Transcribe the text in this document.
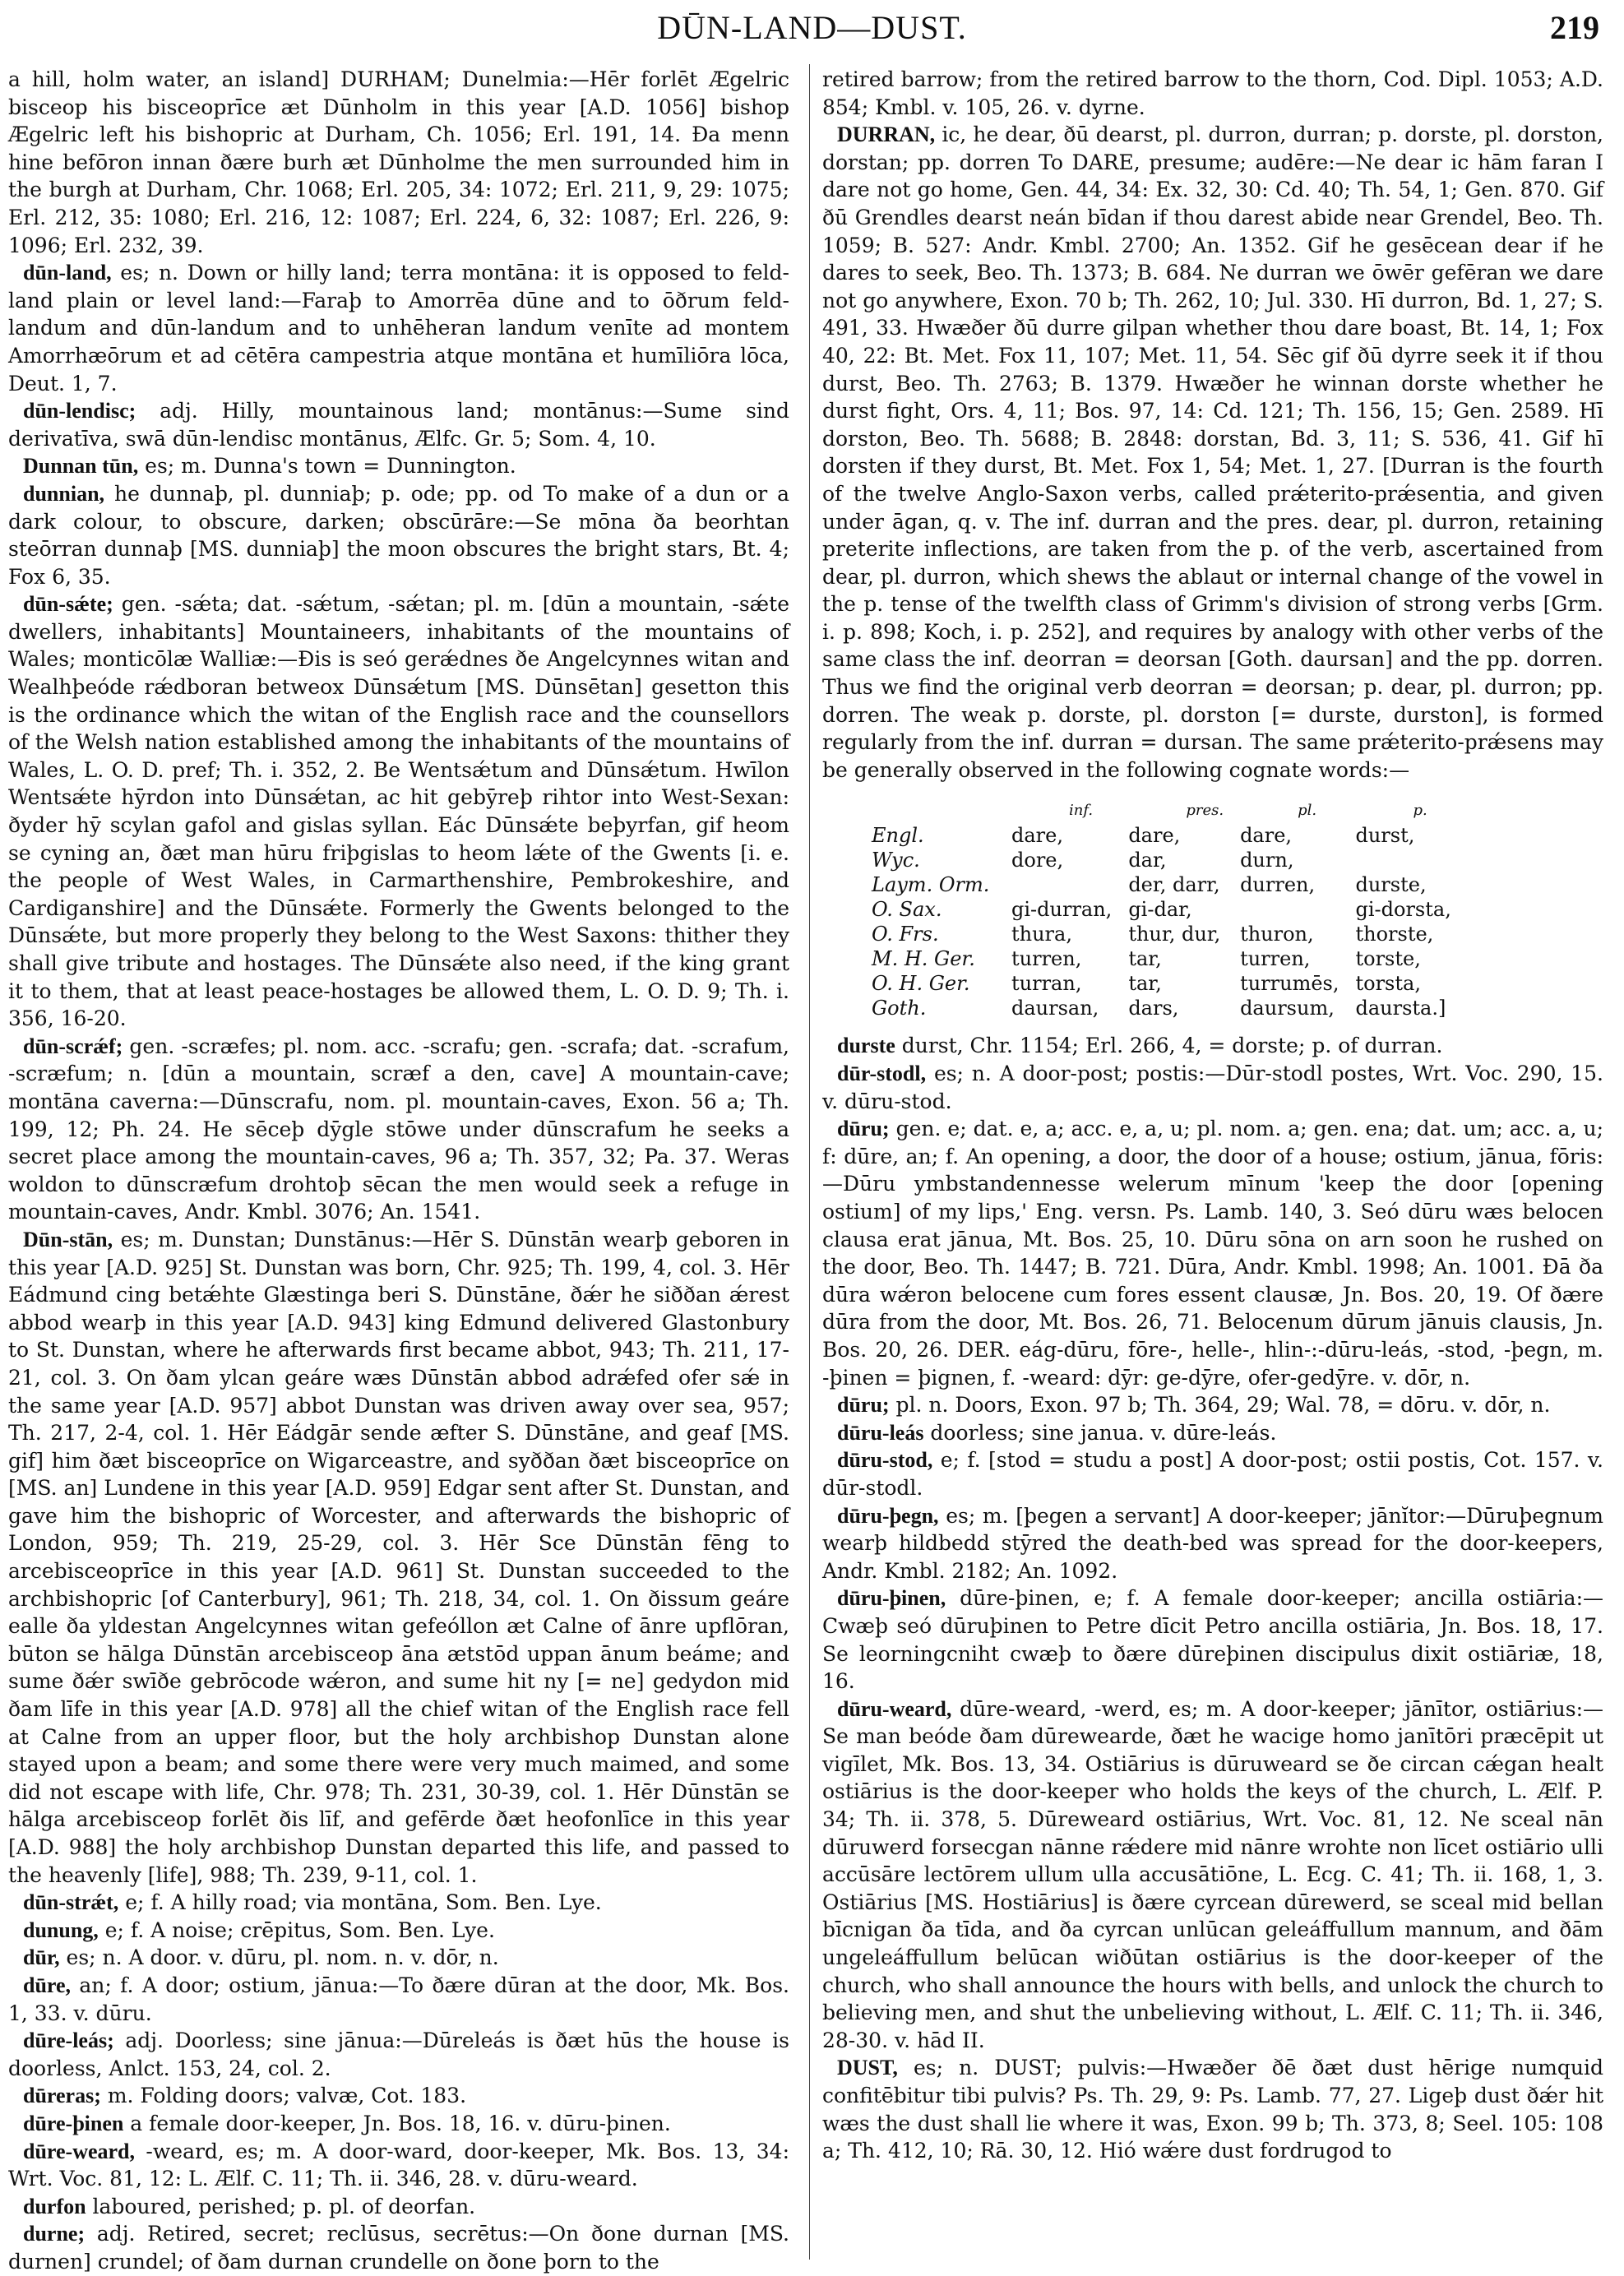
DŪN-LAND—DUST.	219

a hill, holm water, an island] DURHAM; Dunelmia:—Hēr forlēt Ægelric bisceop his bisceoprīce æt Dūnholm in this year [A.D. 1056] bishop Ægelric left his bishopric at Durham, Ch. 1056; Erl. 191, 14. Ða menn hine befōron innan ðære burh æt Dūnholme the men surrounded him in the burgh at Durham, Chr. 1068; Erl. 205, 34: 1072; Erl. 211, 9, 29: 1075; Erl. 212, 35: 1080; Erl. 216, 12: 1087; Erl. 224, 6, 32: 1087; Erl. 226, 9: 1096; Erl. 232, 39.

dūn-land, es; n. Down or hilly land; terra montāna: it is opposed to feld-land plain or level land:—Faraþ to Amorrēa dūne and to ōðrum feld-landum and dūn-landum and to unhēheran landum venīte ad montem Amorrhæōrum et ad cētēra campestria atque montāna et humīliōra lōca, Deut. 1, 7.

dūn-lendisc; adj. Hilly, mountainous land; montānus:—Sume sind derivatīva, swā dūn-lendisc montānus, Ælfc. Gr. 5; Som. 4, 10.

Dunnan tūn, es; m. Dunna's town = Dunnington.

dunnian, he dunnaþ, pl. dunniaþ; p. ode; pp. od To make of a dun or a dark colour, to obscure, darken; obscūrāre:—Se mōna ða beorhtan steōrran dunnaþ [MS. dunniaþ] the moon obscures the bright stars, Bt. 4; Fox 6, 35.

dūn-sǽte; gen. -sǽta; dat. -sǽtum, -sǽtan; pl. m. [dūn a mountain, -sǽte dwellers, inhabitants] Mountaineers, inhabitants of the mountains of Wales; monticōlæ Walliæ:—Ðis is seó gerǽdnes ðe Angelcynnes witan and Wealhþeóde rǽdboran betweox Dūnsǽtum [MS. Dūnsētan] gesetton this is the ordinance which the witan of the English race and the counsellors of the Welsh nation established among the inhabitants of the mountains of Wales, L. O. D. pref; Th. i. 352, 2. Be Wentsǽtum and Dūnsǽtum. Hwīlon Wentsǽte hȳrdon into Dūnsǽtan, ac hit gebȳreþ rihtor into West-Sexan: ðyder hȳ scylan gafol and gislas syllan. Eác Dūnsǽte beþyrfan, gif heom se cyning an, ðæt man hūru friþgislas to heom lǽte of the Gwents [i. e. the people of West Wales, in Carmarthenshire, Pembrokeshire, and Cardiganshire] and the Dūnsǽte. Formerly the Gwents belonged to the Dūnsǽte, but more properly they belong to the West Saxons: thither they shall give tribute and hostages. The Dūnsǽte also need, if the king grant it to them, that at least peace-hostages be allowed them, L. O. D. 9; Th. i. 356, 16-20.

dūn-scrǽf; gen. -scræfes; pl. nom. acc. -scrafu; gen. -scrafa; dat. -scrafum, -scræfum; n. [dūn a mountain, scræf a den, cave] A mountain-cave; montāna caverna:—Dūnscrafu, nom. pl. mountain-caves, Exon. 56 a; Th. 199, 12; Ph. 24. He sēceþ dȳgle stōwe under dūnscrafum he seeks a secret place among the mountain-caves, 96 a; Th. 357, 32; Pa. 37. Weras woldon to dūnscræfum drohtoþ sēcan the men would seek a refuge in mountain-caves, Andr. Kmbl. 3076; An. 1541.

Dūn-stān, es; m. Dunstan; Dunstānus:—Hēr S. Dūnstān wearþ geboren in this year [A.D. 925] St. Dunstan was born, Chr. 925; Th. 199, 4, col. 3. Hēr Eádmund cing betǽhte Glæstinga beri S. Dūnstāne, ðǽr he siððan ǽrest abbod wearþ in this year [A.D. 943] king Edmund delivered Glastonbury to St. Dunstan, where he afterwards first became abbot, 943; Th. 211, 17-21, col. 3. On ðam ylcan geáre wæs Dūnstān abbod adrǽfed ofer sǽ in the same year [A.D. 957] abbot Dunstan was driven away over sea, 957; Th. 217, 2-4, col. 1. Hēr Eádgār sende æfter S. Dūnstāne, and geaf [MS. gif] him ðæt bisceoprīce on Wigarceastre, and syððan ðæt bisceoprīce on [MS. an] Lundene in this year [A.D. 959] Edgar sent after St. Dunstan, and gave him the bishopric of Worcester, and afterwards the bishopric of London, 959; Th. 219, 25-29, col. 3. Hēr Sce Dūnstān fēng to arcebisceoprīce in this year [A.D. 961] St. Dunstan succeeded to the archbishopric [of Canterbury], 961; Th. 218, 34, col. 1. On ðissum geáre ealle ða yldestan Angelcynnes witan gefeóllon æt Calne of ānre upflōran, būton se hālga Dūnstān arcebisceop āna ætstōd uppan ānum beáme; and sume ðǽr swīðe gebrōcode wǽron, and sume hit ny [= ne] gedydon mid ðam līfe in this year [A.D. 978] all the chief witan of the English race fell at Calne from an upper floor, but the holy archbishop Dunstan alone stayed upon a beam; and some there were very much maimed, and some did not escape with life, Chr. 978; Th. 231, 30-39, col. 1. Hēr Dūnstān se hālga arcebisceop forlēt ðis līf, and gefērde ðæt heofonlīce in this year [A.D. 988] the holy archbishop Dunstan departed this life, and passed to the heavenly [life], 988; Th. 239, 9-11, col. 1.

dūn-strǽt, e; f. A hilly road; via montāna, Som. Ben. Lye.

dunung, e; f. A noise; crēpitus, Som. Ben. Lye.

dūr, es; n. A door. v. dūru, pl. nom. n. v. dōr, n.

dūre, an; f. A door; ostium, jānua:—To ðære dūran at the door, Mk. Bos. 1, 33. v. dūru.

dūre-leás; adj. Doorless; sine jānua:—Dūreleás is ðæt hūs the house is doorless, Anlct. 153, 24, col. 2.

dūreras; m. Folding doors; valvæ, Cot. 183.

dūre-þinen a female door-keeper, Jn. Bos. 18, 16. v. dūru-þinen.

dūre-weard, -weard, es; m. A door-ward, door-keeper, Mk. Bos. 13, 34: Wrt. Voc. 81, 12: L. Ælf. C. 11; Th. ii. 346, 28. v. dūru-weard.

durfon laboured, perished; p. pl. of deorfan.

durne; adj. Retired, secret; reclūsus, secrētus:—On ðone durnan [MS. durnen] crundel; of ðam durnan crundelle on ðone þorn to the

retired barrow; from the retired barrow to the thorn, Cod. Dipl. 1053; A.D. 854; Kmbl. v. 105, 26. v. dyrne.

DURRAN, ic, he dear, ðū dearst, pl. durron, durran; p. dorste, pl. dorston, dorstan; pp. dorren To DARE, presume; audēre:—Ne dear ic hām faran I dare not go home, Gen. 44, 34: Ex. 32, 30: Cd. 40; Th. 54, 1; Gen. 870. Gif ðū Grendles dearst neán bīdan if thou darest abide near Grendel, Beo. Th. 1059; B. 527: Andr. Kmbl. 2700; An. 1352. Gif he gesēcean dear if he dares to seek, Beo. Th. 1373; B. 684. Ne durran we ōwēr gefēran we dare not go anywhere, Exon. 70 b; Th. 262, 10; Jul. 330. Hī durron, Bd. 1, 27; S. 491, 33. Hwæðer ðū durre gilpan whether thou dare boast, Bt. 14, 1; Fox 40, 22: Bt. Met. Fox 11, 107; Met. 11, 54. Sēc gif ðū dyrre seek it if thou durst, Beo. Th. 2763; B. 1379. Hwæðer he winnan dorste whether he durst fight, Ors. 4, 11; Bos. 97, 14: Cd. 121; Th. 156, 15; Gen. 2589. Hī dorston, Beo. Th. 5688; B. 2848: dorstan, Bd. 3, 11; S. 536, 41. Gif hī dorsten if they durst, Bt. Met. Fox 1, 54; Met. 1, 27. [Durran is the fourth of the twelve Anglo-Saxon verbs, called prǽterito-prǽsentia, and given under āgan, q. v. The inf. durran and the pres. dear, pl. durron, retaining preterite inflections, are taken from the p. of the verb, ascertained from dear, pl. durron, which shews the ablaut or internal change of the vowel in the p. tense of the twelfth class of Grimm's division of strong verbs [Grm. i. p. 898; Koch, i. p. 252], and requires by analogy with other verbs of the same class the inf. deorran = deorsan [Goth. daursan] and the pp. dorren. Thus we find the original verb deorran = deorsan; p. dear, pl. durron; pp. dorren. The weak p. dorste, pl. dorston [= durste, durston], is formed regularly from the inf. durran = dursan. The same prǽterito-prǽsens may be generally observed in the following cognate words:—

	inf.	pres.	pl.	p.
Engl.	dare,	dare,	dare,	durst,
Wyc.	dore,	dar,	durn,	
Laym. Orm.		der, darr,	durren,	durste,
O. Sax.	gi-durran,	gi-dar,		gi-dorsta,
O. Frs.	thura,	thur, dur,	thuron,	thorste,
M. H. Ger.	turren,	tar,	turren,	torste,
O. H. Ger.	turran,	tar,	turrumēs,	torsta,
Goth.	daursan,	dars,	daursum,	daursta.]

durste durst, Chr. 1154; Erl. 266, 4, = dorste; p. of durran.

dūr-stodl, es; n. A door-post; postis:—Dūr-stodl postes, Wrt. Voc. 290, 15. v. dūru-stod.

dūru; gen. e; dat. e, a; acc. e, a, u; pl. nom. a; gen. ena; dat. um; acc. a, u; f: dūre, an; f. An opening, a door, the door of a house; ostium, jānua, fōris:—Dūru ymbstandennesse welerum mīnum 'keep the door [opening ostium] of my lips,' Eng. versn. Ps. Lamb. 140, 3. Seó dūru wæs belocen clausa erat jānua, Mt. Bos. 25, 10. Dūru sōna on arn soon he rushed on the door, Beo. Th. 1447; B. 721. Dūra, Andr. Kmbl. 1998; An. 1001. Ðā ða dūra wǽron belocene cum fores essent clausæ, Jn. Bos. 20, 19. Of ðære dūra from the door, Mt. Bos. 26, 71. Belocenum dūrum jānuis clausis, Jn. Bos. 20, 26. DER. eág-dūru, fōre-, helle-, hlin-:-dūru-leás, -stod, -þegn, m. -þinen = þignen, f. -weard: dȳr: ge-dȳre, ofer-gedȳre. v. dōr, n.

dūru; pl. n. Doors, Exon. 97 b; Th. 364, 29; Wal. 78, = dōru. v. dōr, n.

dūru-leás doorless; sine janua. v. dūre-leás.

dūru-stod, e; f. [stod = studu a post] A door-post; ostii postis, Cot. 157. v. dūr-stodl.

dūru-þegn, es; m. [þegen a servant] A door-keeper; jānĭtor:—Dūruþegnum wearþ hildbedd stȳred the death-bed was spread for the door-keepers, Andr. Kmbl. 2182; An. 1092.

dūru-þinen, dūre-þinen, e; f. A female door-keeper; ancilla ostiāria:—Cwæþ seó dūruþinen to Petre dīcit Petro ancilla ostiāria, Jn. Bos. 18, 17. Se leorningcniht cwæþ to ðære dūreþinen discipulus dixit ostiāriæ, 18, 16.

dūru-weard, dūre-weard, -werd, es; m. A door-keeper; jānītor, ostiārius:—Se man beóde ðam dūrewearde, ðæt he wacige homo janītōri præcēpit ut vigīlet, Mk. Bos. 13, 34. Ostiārius is dūruweard se ðe circan cǽgan healt ostiārius is the door-keeper who holds the keys of the church, L. Ælf. P. 34; Th. ii. 378, 5. Dūreweard ostiārius, Wrt. Voc. 81, 12. Ne sceal nān dūruwerd forsecgan nānne rǽdere mid nānre wrohte non līcet ostiārio ulli accūsāre lectōrem ullum ulla accusātiōne, L. Ecg. C. 41; Th. ii. 168, 1, 3. Ostiārius [MS. Hostiārius] is ðære cyrcean dūrewerd, se sceal mid bellan bīcnigan ða tīda, and ða cyrcan unlūcan geleáffullum mannum, and ðām ungeleáffullum belūcan wiðūtan ostiārius is the door-keeper of the church, who shall announce the hours with bells, and unlock the church to believing men, and shut the unbelieving without, L. Ælf. C. 11; Th. ii. 346, 28-30. v. hād II.

DUST, es; n. DUST; pulvis:—Hwæðer ðē ðæt dust hērige numquid confitēbitur tibi pulvis? Ps. Th. 29, 9: Ps. Lamb. 77, 27. Ligeþ dust ðǽr hit wæs the dust shall lie where it was, Exon. 99 b; Th. 373, 8; Seel. 105: 108 a; Th. 412, 10; Rā. 30, 12. Hió wǽre dust fordrugod to
